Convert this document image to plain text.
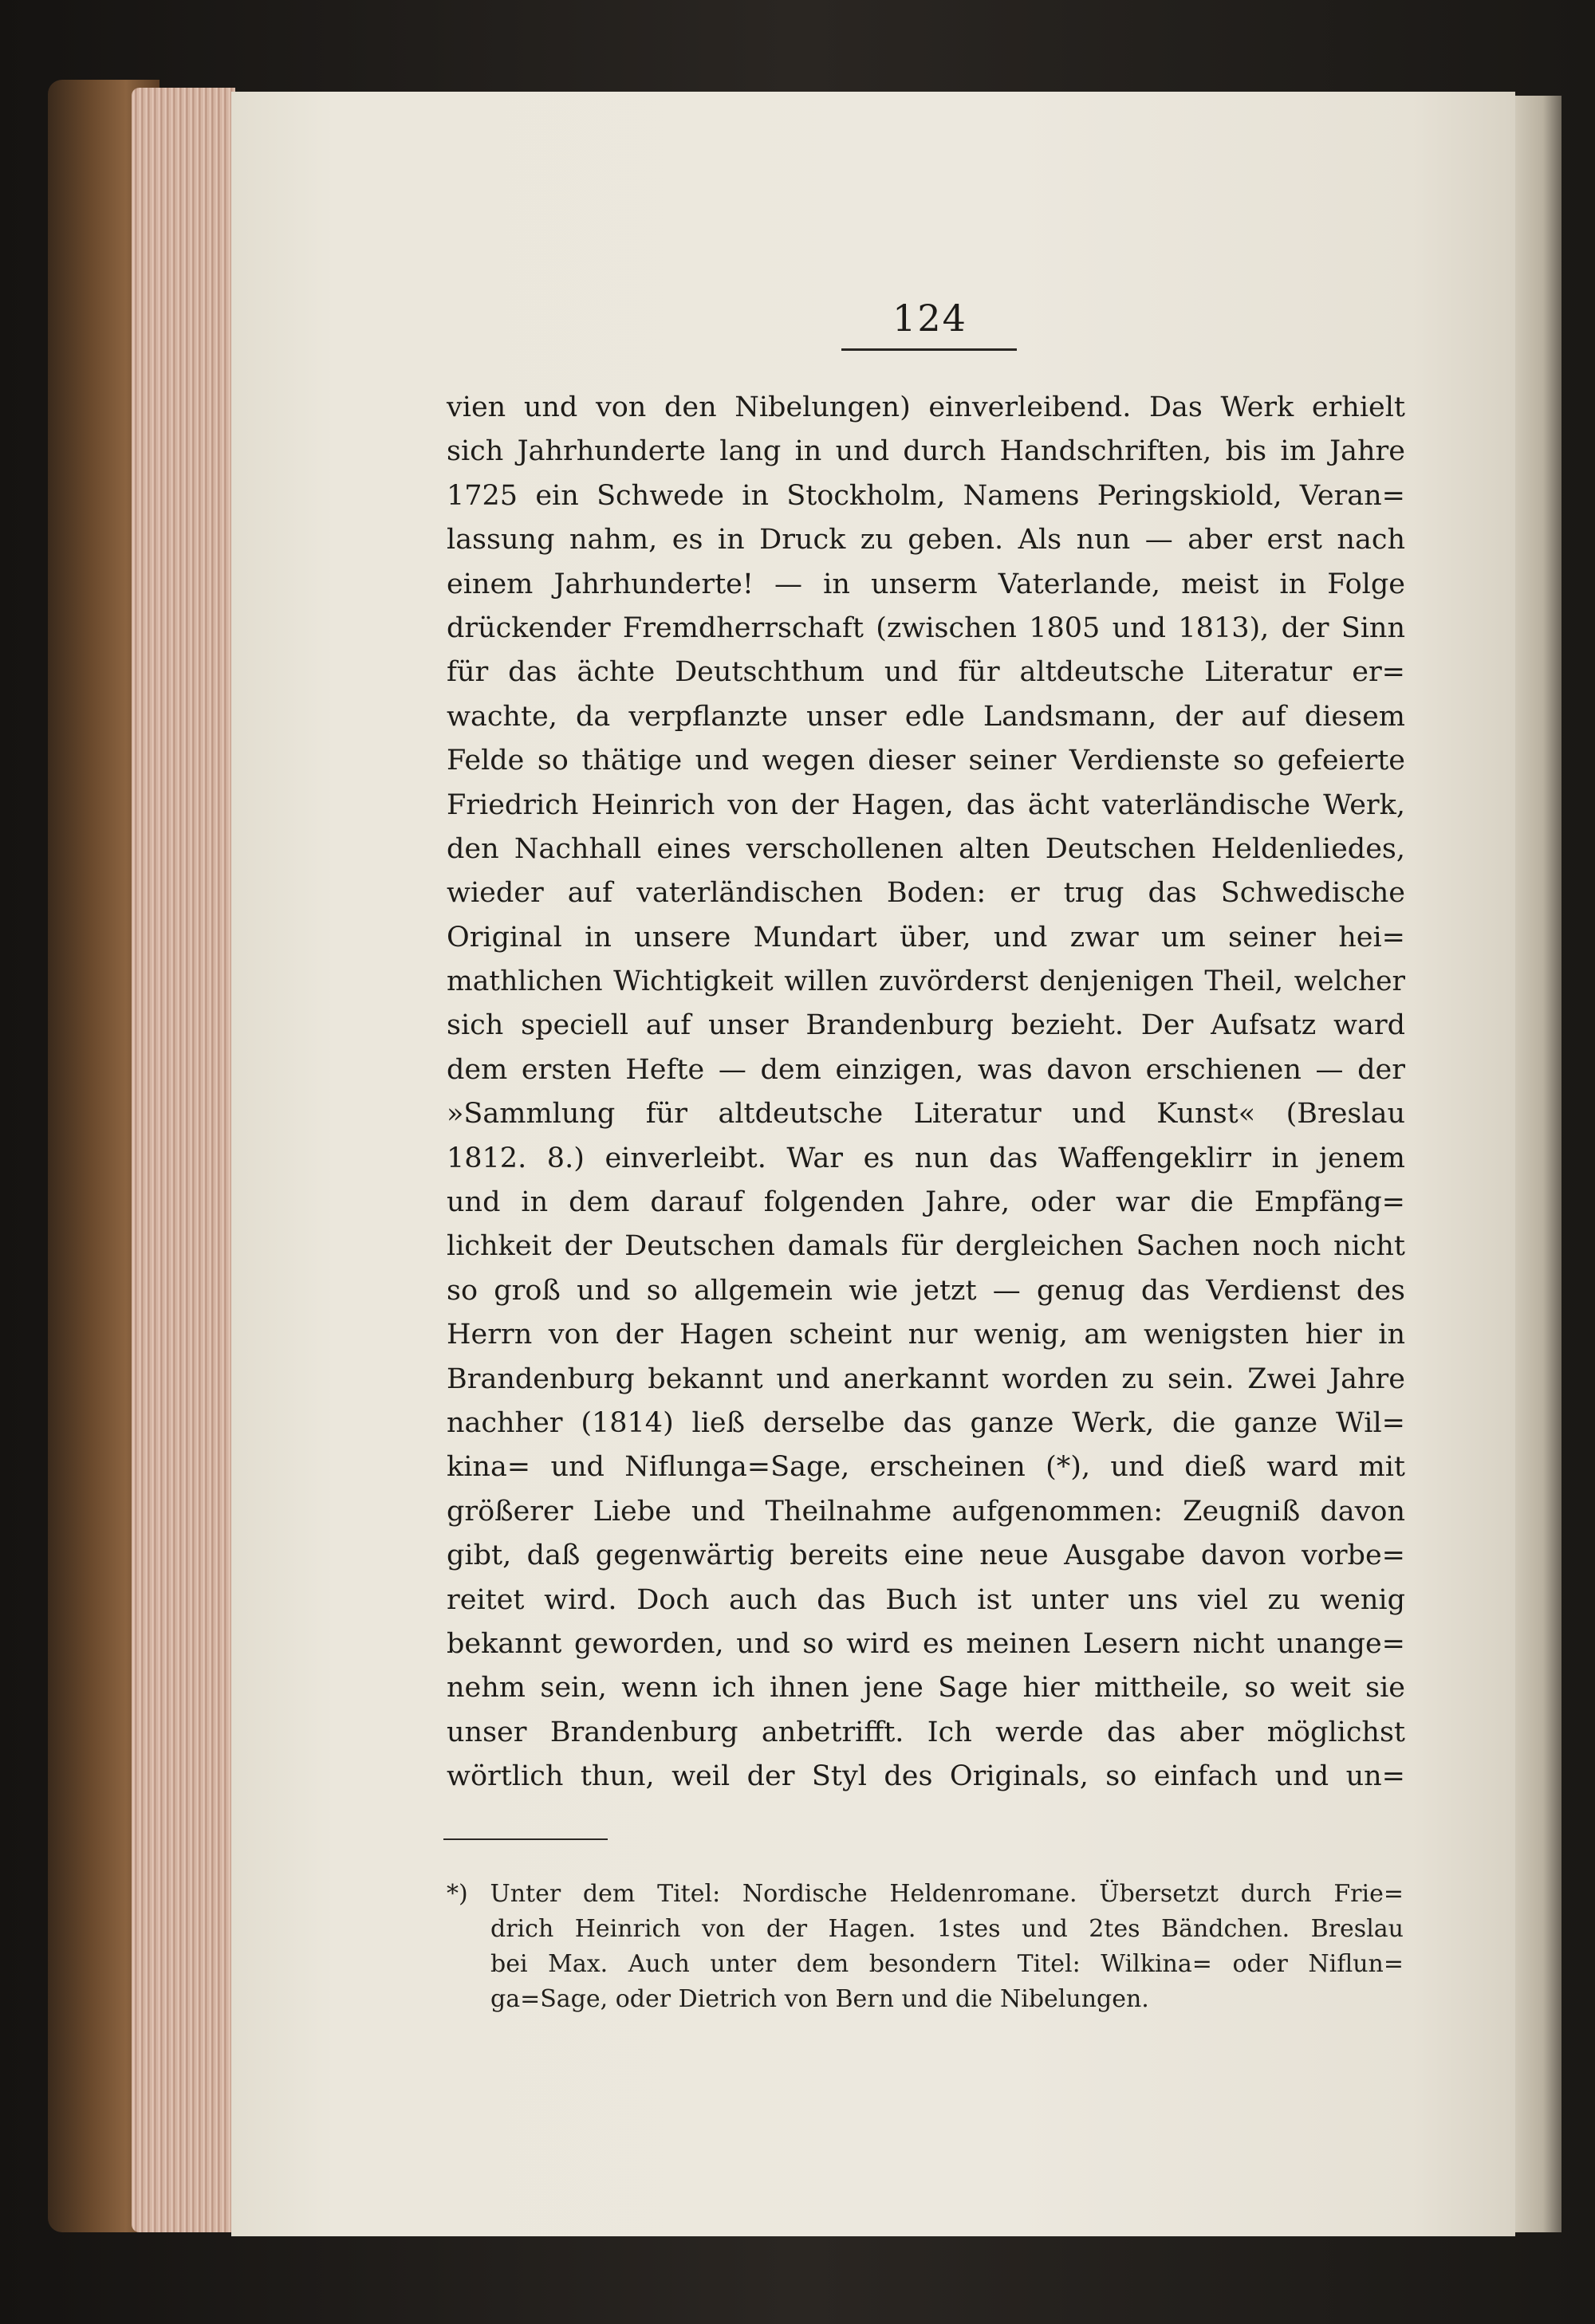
124
vien und von den Nibelungen) einverleibend. Das Werk erhielt
sich Jahrhunderte lang in und durch Handschriften, bis im Jahre
1725 ein Schwede in Stockholm, Namens Peringskiold, Veran=
lassung nahm, es in Druck zu geben. Als nun — aber erst nach
einem Jahrhunderte! — in unserm Vaterlande, meist in Folge
drückender Fremdherrschaft (zwischen 1805 und 1813), der Sinn
für das ächte Deutschthum und für altdeutsche Literatur er=
wachte, da verpflanzte unser edle Landsmann, der auf diesem
Felde so thätige und wegen dieser seiner Verdienste so gefeierte
Friedrich Heinrich von der Hagen, das ächt vaterländische Werk,
den Nachhall eines verschollenen alten Deutschen Heldenliedes,
wieder auf vaterländischen Boden: er trug das Schwedische
Original in unsere Mundart über, und zwar um seiner hei=
mathlichen Wichtigkeit willen zuvörderst denjenigen Theil, welcher
sich speciell auf unser Brandenburg bezieht. Der Aufsatz ward
dem ersten Hefte — dem einzigen, was davon erschienen — der
»Sammlung für altdeutsche Literatur und Kunst« (Breslau
1812. 8.) einverleibt. War es nun das Waffengeklirr in jenem
und in dem darauf folgenden Jahre, oder war die Empfäng=
lichkeit der Deutschen damals für dergleichen Sachen noch nicht
so groß und so allgemein wie jetzt — genug das Verdienst des
Herrn von der Hagen scheint nur wenig, am wenigsten hier in
Brandenburg bekannt und anerkannt worden zu sein. Zwei Jahre
nachher (1814) ließ derselbe das ganze Werk, die ganze Wil=
kina= und Niflunga=Sage, erscheinen (*), und dieß ward mit
größerer Liebe und Theilnahme aufgenommen: Zeugniß davon
gibt, daß gegenwärtig bereits eine neue Ausgabe davon vorbe=
reitet wird. Doch auch das Buch ist unter uns viel zu wenig
bekannt geworden, und so wird es meinen Lesern nicht unange=
nehm sein, wenn ich ihnen jene Sage hier mittheile, so weit sie
unser Brandenburg anbetrifft. Ich werde das aber möglichst
wörtlich thun, weil der Styl des Originals, so einfach und un=
*) Unter dem Titel: Nordische Heldenromane. Übersetzt durch Frie=
drich Heinrich von der Hagen. 1stes und 2tes Bändchen. Breslau
bei Max. Auch unter dem besondern Titel: Wilkina= oder Niflun=
ga=Sage, oder Dietrich von Bern und die Nibelungen.
